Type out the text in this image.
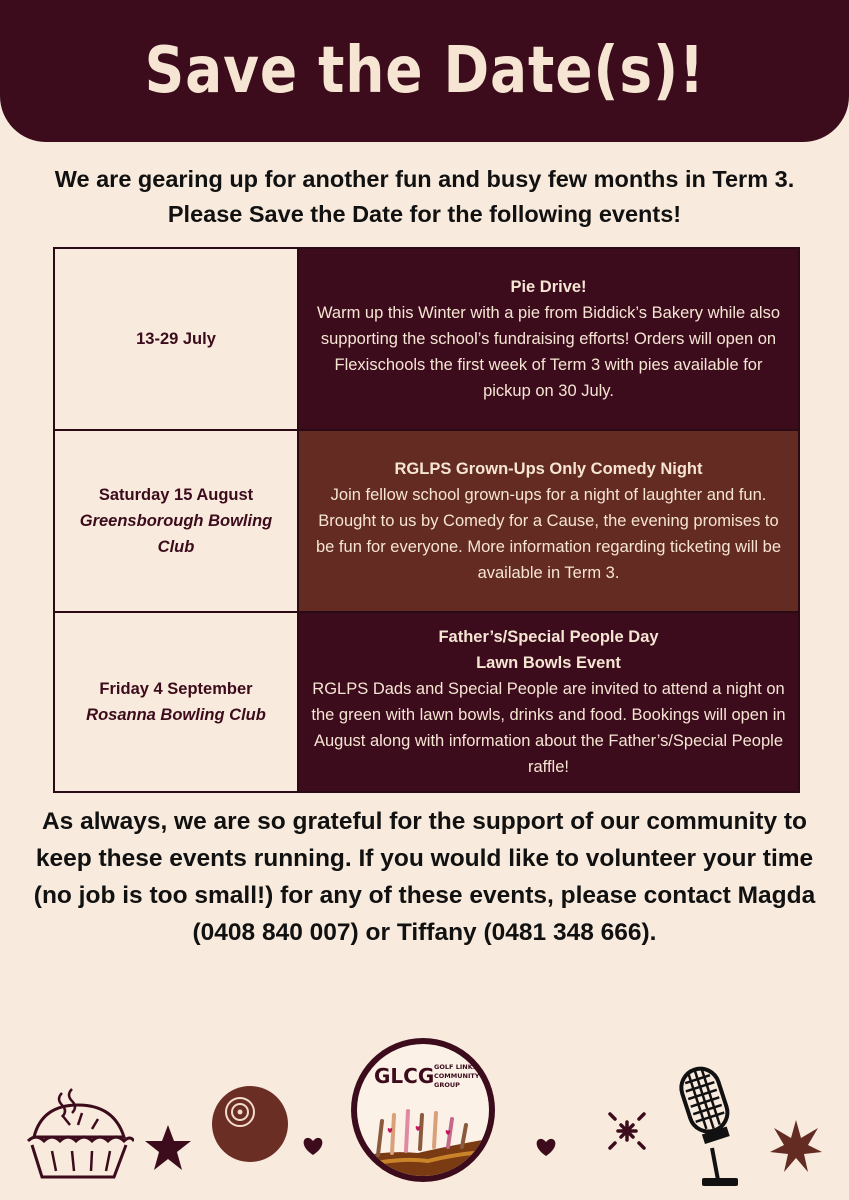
Save the Date(s)!
We are gearing up for another fun and busy few months in Term 3. Please Save the Date for the following events!
13-29 July
Pie Drive!
Warm up this Winter with a pie from Biddick’s Bakery while also supporting the school’s fundraising efforts! Orders will open on Flexischools the first week of Term 3 with pies available for pickup on 30 July.
Saturday 15 August
Greensborough Bowling Club
RGLPS Grown-Ups Only Comedy Night
Join fellow school grown-ups for a night of laughter and fun. Brought to us by Comedy for a Cause, the evening promises to be fun for everyone. More information regarding ticketing will be available in Term 3.
Friday 4 September
Rosanna Bowling Club
Father’s/Special People Day
Lawn Bowls Event
RGLPS Dads and Special People are invited to attend a night on the green with lawn bowls, drinks and food. Bookings will open in August along with information about the Father’s/Special People raffle!
As always, we are so grateful for the support of our community to keep these events running. If you would like to volunteer your time (no job is too small!) for any of these events, please contact Magda (0408 840 007) or Tiffany (0481 348 666).
GLCG GOLF LINKS
COMMUNITY
GROUP
